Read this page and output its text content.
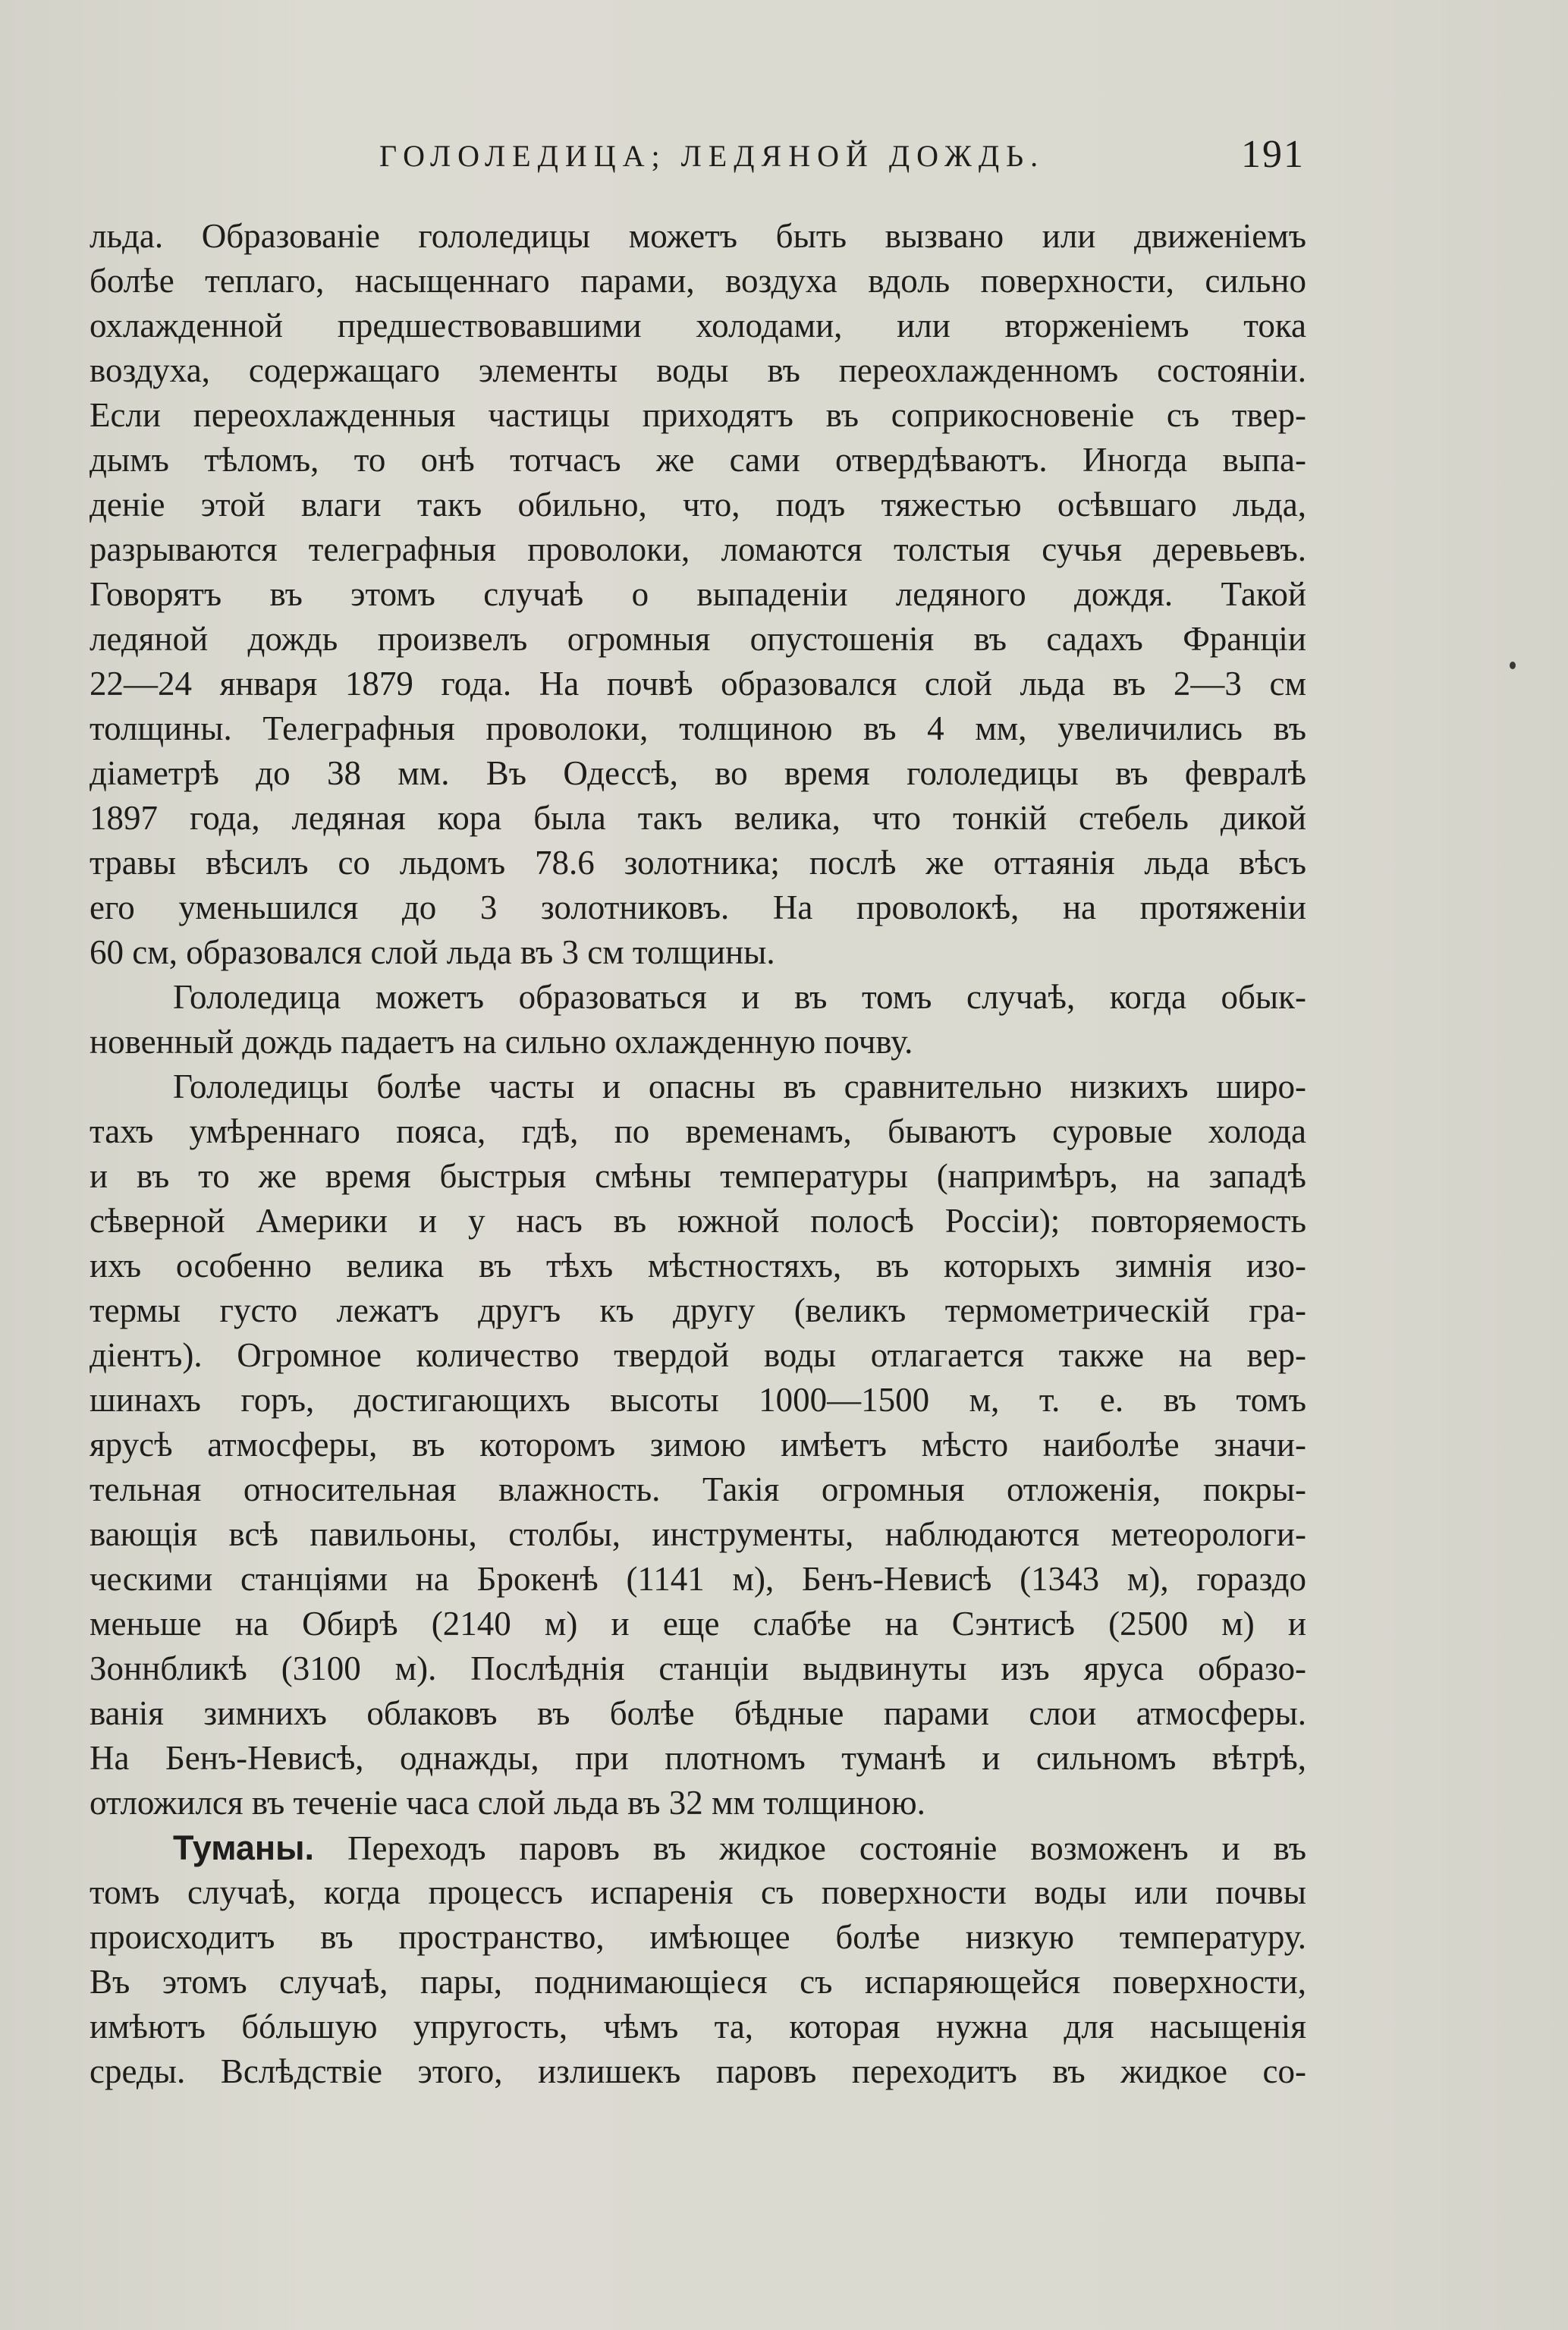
ГОЛОЛЕДИЦА; ЛЕДЯНОЙ ДОЖДЬ.	191
льда. Образованіе гололедицы можетъ быть вызвано или движеніемъ
болѣе теплаго, насыщеннаго парами, воздуха вдоль поверхности, сильно
охлажденной предшествовавшими холодами, или вторженіемъ тока
воздуха, содержащаго элементы воды въ переохлажденномъ состояніи.
Если переохлажденныя частицы приходятъ въ соприкосновеніе съ твер-
дымъ тѣломъ, то онѣ тотчасъ же сами отвердѣваютъ. Иногда выпа-
деніе этой влаги такъ обильно, что, подъ тяжестью осѣвшаго льда,
разрываются телеграфныя проволоки, ломаются толстыя сучья деревьевъ.
Говорятъ въ этомъ случаѣ о выпаденіи ледяного дождя. Такой
ледяной дождь произвелъ огромныя опустошенія въ садахъ Франціи
22—24 января 1879 года. На почвѣ образовался слой льда въ 2—3 см
толщины. Телеграфныя проволоки, толщиною въ 4 мм, увеличились въ
діаметрѣ до 38 мм. Въ Одессѣ, во время гололедицы въ февралѣ
1897 года, ледяная кора была такъ велика, что тонкій стебель дикой
травы вѣсилъ со льдомъ 78.6 золотника; послѣ же оттаянія льда вѣсъ
его уменьшился до 3 золотниковъ. На проволокѣ, на протяженіи
60 см, образовался слой льда въ 3 см толщины.
Гололедица можетъ образоваться и въ томъ случаѣ, когда обык-
новенный дождь падаетъ на сильно охлажденную почву.
Гололедицы болѣе часты и опасны въ сравнительно низкихъ широ-
тахъ умѣреннаго пояса, гдѣ, по временамъ, бываютъ суровые холода
и въ то же время быстрыя смѣны температуры (напримѣръ, на западѣ
сѣверной Америки и у насъ въ южной полосѣ Россіи); повторяемость
ихъ особенно велика въ тѣхъ мѣстностяхъ, въ которыхъ зимнія изо-
термы густо лежатъ другъ къ другу (великъ термометрическій гра-
діентъ). Огромное количество твердой воды отлагается также на вер-
шинахъ горъ, достигающихъ высоты 1000—1500 м, т. е. въ томъ
ярусѣ атмосферы, въ которомъ зимою имѣетъ мѣсто наиболѣе значи-
тельная относительная влажность. Такія огромныя отложенія, покры-
вающія всѣ павильоны, столбы, инструменты, наблюдаются метеорологи-
ческими станціями на Брокенѣ (1141 м), Бенъ-Невисѣ (1343 м), гораздо
меньше на Обирѣ (2140 м) и еще слабѣе на Сэнтисѣ (2500 м) и
Зоннбликѣ (3100 м). Послѣднія станціи выдвинуты изъ яруса образо-
ванія зимнихъ облаковъ въ болѣе бѣдные парами слои атмосферы.
На Бенъ-Невисѣ, однажды, при плотномъ туманѣ и сильномъ вѣтрѣ,
отложился въ теченіе часа слой льда въ 32 мм толщиною.
Туманы. Переходъ паровъ въ жидкое состояніе возможенъ и въ
томъ случаѣ, когда процессъ испаренія съ поверхности воды или почвы
происходитъ въ пространство, имѣющее болѣе низкую температуру.
Въ этомъ случаѣ, пары, поднимающіеся съ испаряющейся поверхности,
имѣютъ бóльшую упругость, чѣмъ та, которая нужна для насыщенія
среды. Вслѣдствіе этого, излишекъ паровъ переходитъ въ жидкое со-
